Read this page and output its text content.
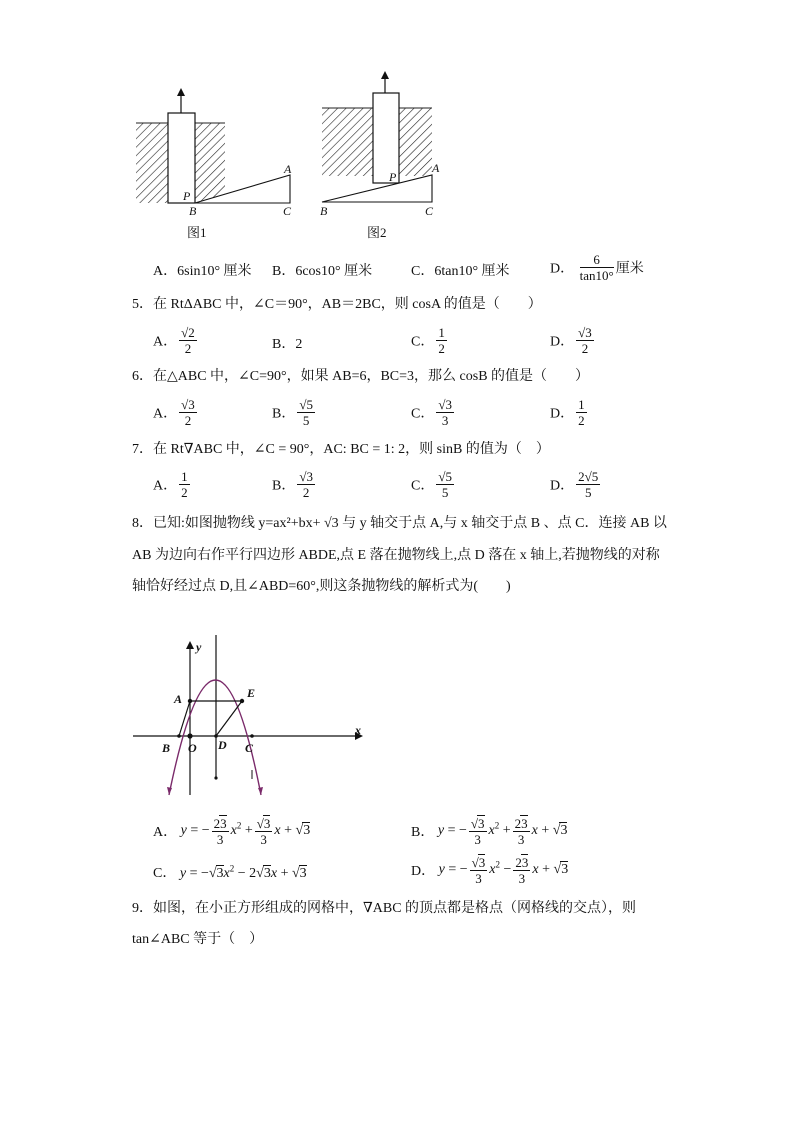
P
B	C
A
图1
P
B	C
A
图2
A．6sin10° 厘米 B．6cos10° 厘米	C．6tan10° 厘米	D． $\frac{6}{\tan 10^\circ}$ 厘米
5．在 RtΔABC 中，∠C＝90°，AB＝2BC，则 cosA 的值是（　　）
A． $\frac{√2}{2}$	B．2	C． $\frac{1}{2}$	D． $\frac{√3}{2}$
6．在△ABC 中，∠C=90°，如果 AB=6，BC=3，那么 cosB 的值是（　　）
A． $\frac{√3}{2}$	B． $\frac{√5}{5}$	C． $\frac{√3}{3}$	D． $\frac{1}{2}$
7．在 Rt∇ABC 中，∠C = 90°，AC: BC = 1: 2，则 sinB 的值为（　）
A． $\frac{1}{2}$	B． $\frac{√3}{2}$	C． $\frac{√5}{5}$	D． $\frac{2√5}{5}$
8．已知:如图抛物线 y=ax²+bx+ √3 与 y 轴交于点 A,与 x 轴交于点 B 、点 C．连接 AB 以
AB 为边向右作平行四边形 ABDE,点 E 落在抛物线上,点 D 落在 x 轴上,若抛物线的对称
轴恰好经过点 D,且∠ABD=60°,则这条抛物线的解析式为(　　)
y
x
A	E
B O D C
A． y = − $\frac{23}{3} x^2 + \frac{√3}{3}$ x + √3	B． y = − $\frac{√3}{3} x^2 + \frac{23}{3}$ x + √3
C． $y = -√3x^2 - 2√3x + √3$	D． y = − $\frac{√3}{3} x^2 - \frac{23}{3}$ x + √3
9．如图，在小正方形组成的网格中，∇ABC 的顶点都是格点（网格线的交点），则
tan∠ABC 等于（　）
